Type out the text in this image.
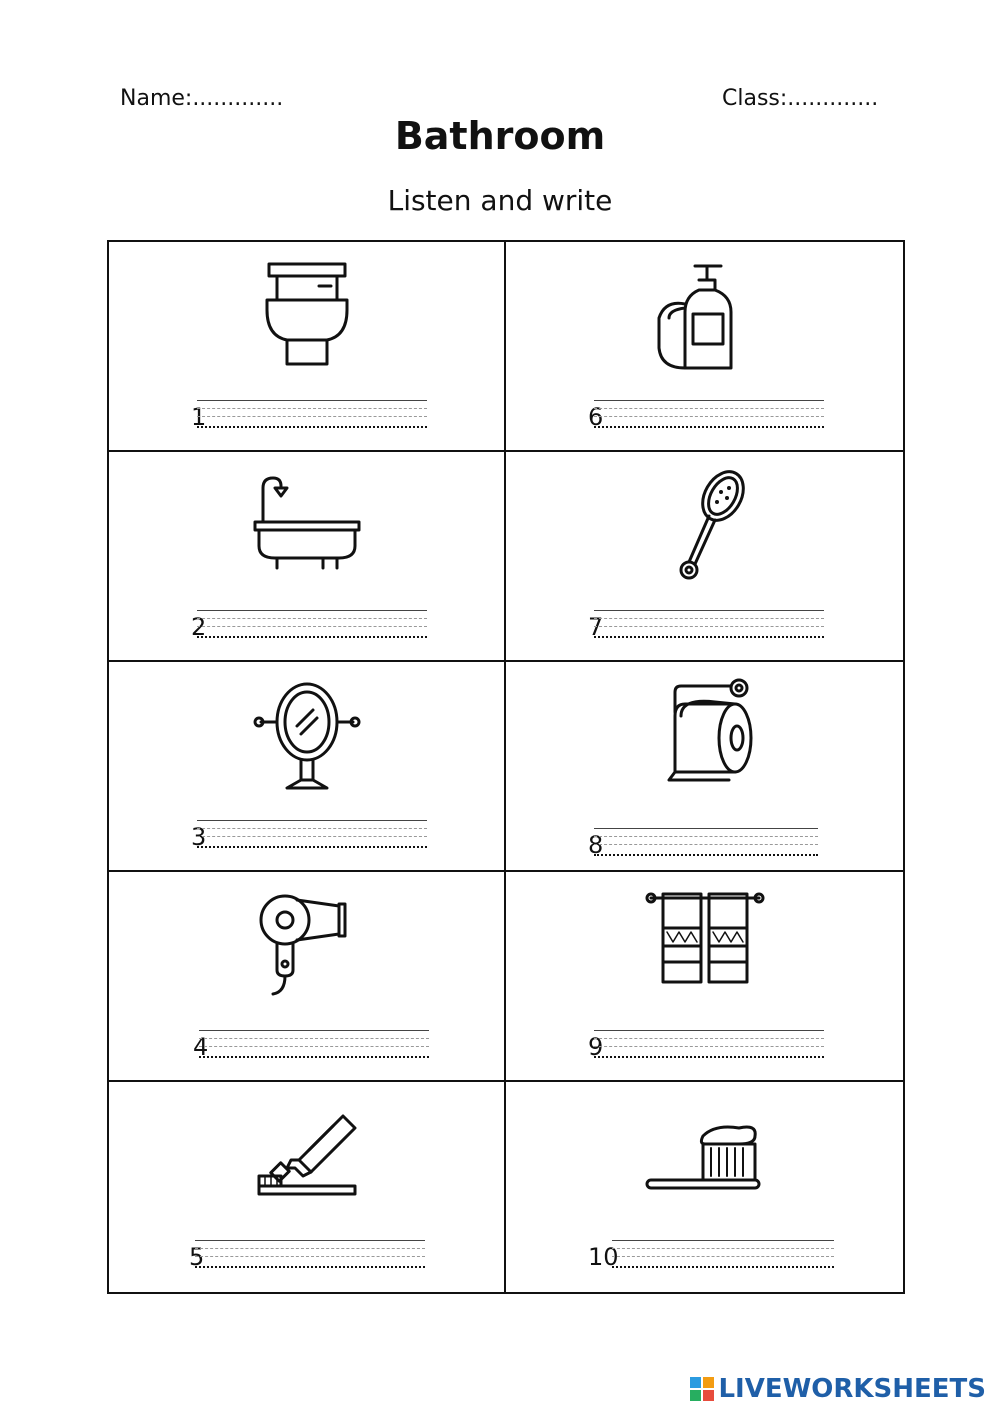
Name:.............	Class:.............
Bathroom
Listen and write
1	6
2	7
3	8
4	9
5	10
LIVEWORKSHEETS
